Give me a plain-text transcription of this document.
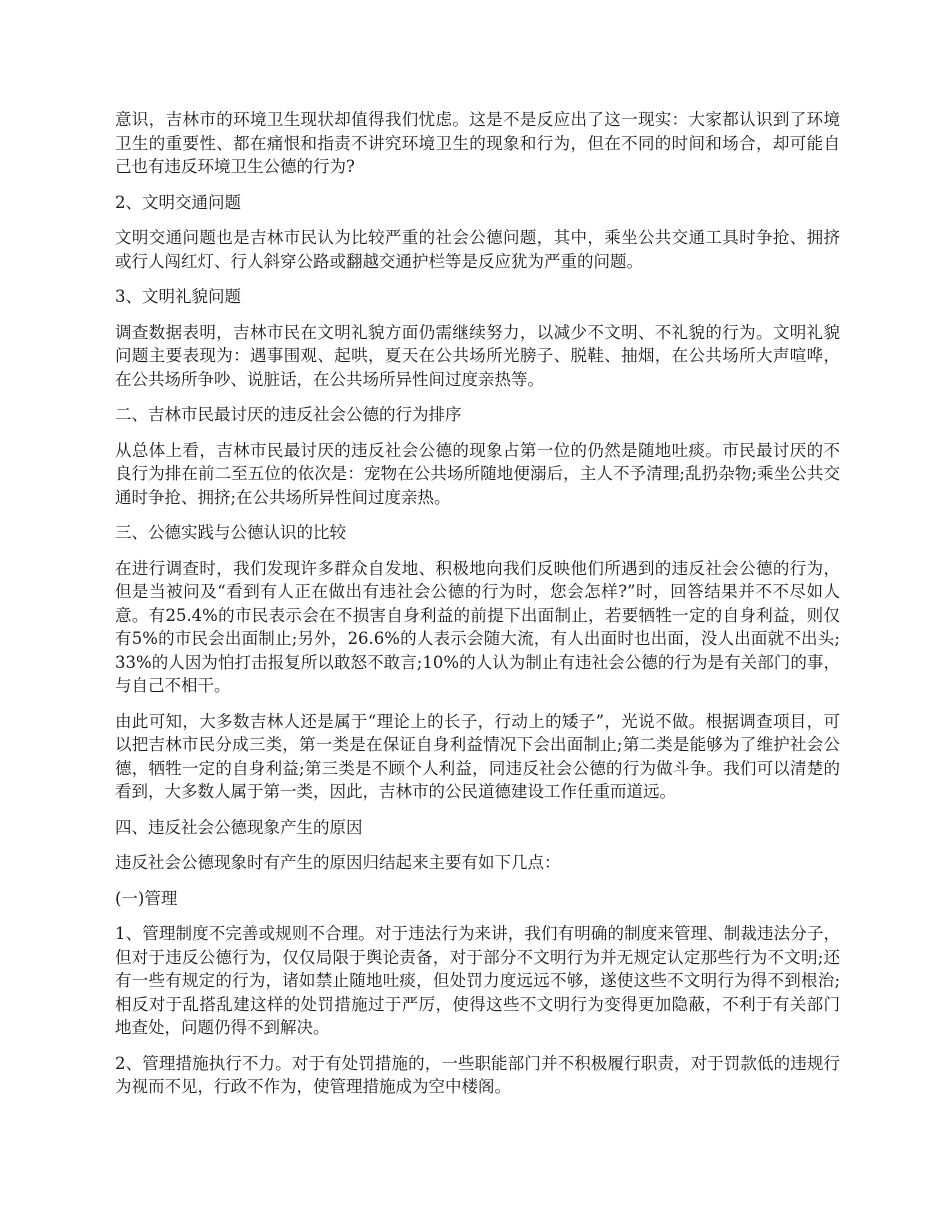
意识，吉林市的环境卫生现状却值得我们忧虑。这是不是反应出了这一现实：大家都认识到了环境卫生的重要性、都在痛恨和指责不讲究环境卫生的现象和行为，但在不同的时间和场合，却可能自己也有违反环境卫生公德的行为?

2、文明交通问题

文明交通问题也是吉林市民认为比较严重的社会公德问题，其中，乘坐公共交通工具时争抢、拥挤或行人闯红灯、行人斜穿公路或翻越交通护栏等是反应犹为严重的问题。

3、文明礼貌问题

调查数据表明，吉林市民在文明礼貌方面仍需继续努力，以减少不文明、不礼貌的行为。文明礼貌问题主要表现为：遇事围观、起哄，夏天在公共场所光膀子、脱鞋、抽烟，在公共场所大声喧哗，在公共场所争吵、说脏话，在公共场所异性间过度亲热等。

二、吉林市民最讨厌的违反社会公德的行为排序

从总体上看，吉林市民最讨厌的违反社会公德的现象占第一位的仍然是随地吐痰。市民最讨厌的不良行为排在前二至五位的依次是：宠物在公共场所随地便溺后，主人不予清理;乱扔杂物;乘坐公共交通时争抢、拥挤;在公共场所异性间过度亲热。

三、公德实践与公德认识的比较

在进行调查时，我们发现许多群众自发地、积极地向我们反映他们所遇到的违反社会公德的行为，但是当被问及“看到有人正在做出有违社会公德的行为时，您会怎样?”时，回答结果并不不尽如人意。有25.4%的市民表示会在不损害自身利益的前提下出面制止，若要牺牲一定的自身利益，则仅有5%的市民会出面制止;另外，26.6%的人表示会随大流，有人出面时也出面，没人出面就不出头;33%的人因为怕打击报复所以敢怒不敢言;10%的人认为制止有违社会公德的行为是有关部门的事，与自己不相干。

由此可知，大多数吉林人还是属于“理论上的长子，行动上的矮子”，光说不做。根据调查项目，可以把吉林市民分成三类，第一类是在保证自身利益情况下会出面制止;第二类是能够为了维护社会公德，牺牲一定的自身利益;第三类是不顾个人利益，同违反社会公德的行为做斗争。我们可以清楚的看到，大多数人属于第一类，因此，吉林市的公民道德建设工作任重而道远。

四、违反社会公德现象产生的原因

违反社会公德现象时有产生的原因归结起来主要有如下几点：

(一)管理

1、管理制度不完善或规则不合理。对于违法行为来讲，我们有明确的制度来管理、制裁违法分子，但对于违反公德行为，仅仅局限于舆论责备，对于部分不文明行为并无规定认定那些行为不文明;还有一些有规定的行为，诸如禁止随地吐痰，但处罚力度远远不够，遂使这些不文明行为得不到根治;相反对于乱搭乱建这样的处罚措施过于严厉，使得这些不文明行为变得更加隐蔽，不利于有关部门地查处，问题仍得不到解决。

2、管理措施执行不力。对于有处罚措施的，一些职能部门并不积极履行职责，对于罚款低的违规行为视而不见，行政不作为，使管理措施成为空中楼阁。
